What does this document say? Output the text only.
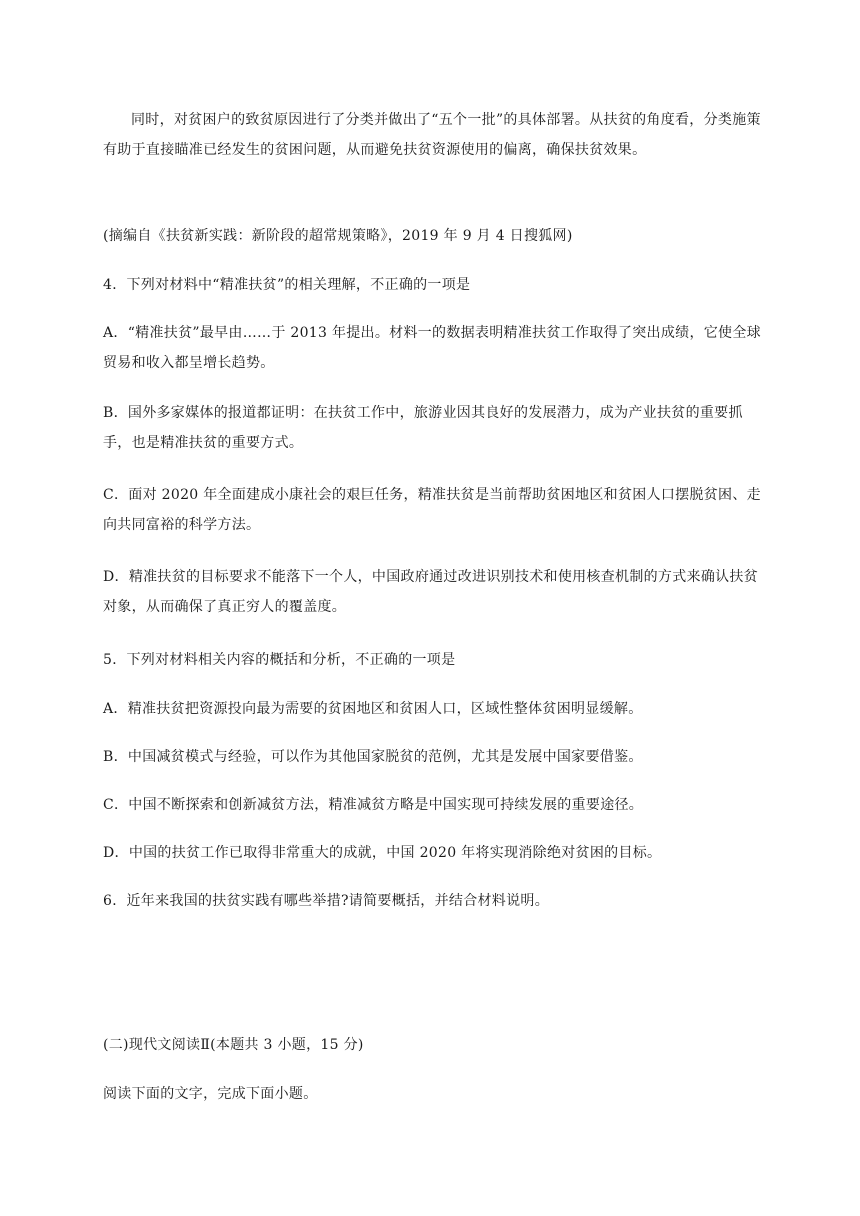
同时，对贫困户的致贫原因进行了分类并做出了“五个一批”的具体部署。从扶贫的角度看，分类施策有助于直接瞄准已经发生的贫困问题，从而避免扶贫资源使用的偏离，确保扶贫效果。

(摘编自《扶贫新实践：新阶段的超常规策略》，2019 年 9 月 4 日搜狐网)

4．下列对材料中“精准扶贫”的相关理解，不正确的一项是

A．“精准扶贫”最早由……于 2013 年提出。材料一的数据表明精准扶贫工作取得了突出成绩，它使全球贸易和收入都呈增长趋势。

B．国外多家媒体的报道都证明：在扶贫工作中，旅游业因其良好的发展潜力，成为产业扶贫的重要抓手，也是精准扶贫的重要方式。

C．面对 2020 年全面建成小康社会的艰巨任务，精准扶贫是当前帮助贫困地区和贫困人口摆脱贫困、走向共同富裕的科学方法。

D．精准扶贫的目标要求不能落下一个人，中国政府通过改进识别技术和使用核查机制的方式来确认扶贫对象，从而确保了真正穷人的覆盖度。

5．下列对材料相关内容的概括和分析，不正确的一项是

A．精准扶贫把资源投向最为需要的贫困地区和贫困人口，区域性整体贫困明显缓解。

B．中国减贫模式与经验，可以作为其他国家脱贫的范例，尤其是发展中国家要借鉴。

C．中国不断探索和创新减贫方法，精准减贫方略是中国实现可持续发展的重要途径。

D．中国的扶贫工作已取得非常重大的成就，中国 2020 年将实现消除绝对贫困的目标。

6．近年来我国的扶贫实践有哪些举措?请简要概括，并结合材料说明。

(二)现代文阅读Ⅱ(本题共 3 小题，15 分)

阅读下面的文字，完成下面小题。
